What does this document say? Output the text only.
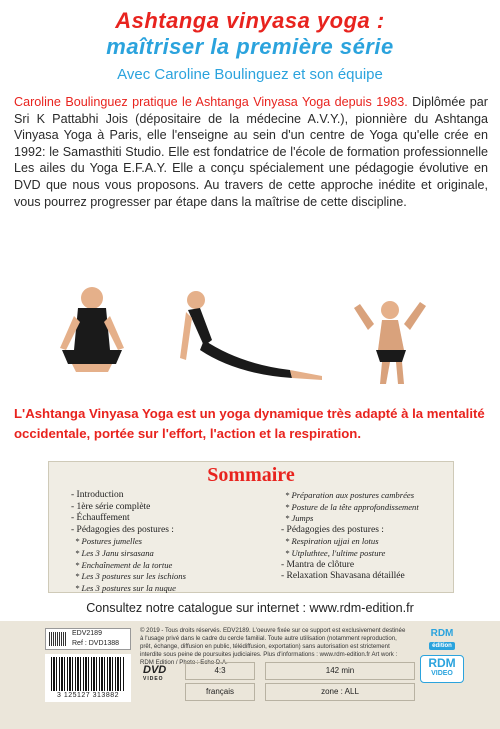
Ashtanga vinyasa yoga :
maîtriser la première série
Avec Caroline Boulinguez et son équipe
Caroline Boulinguez pratique le Ashtanga Vinyasa Yoga depuis 1983. Diplômée par Sri K Pattabhi Jois (dépositaire de la médecine A.V.Y.), pionnière du Ashtanga Vinyasa Yoga à Paris, elle l'enseigne au sein d'un centre de Yoga qu'elle crée en 1992: le Samasthiti Studio. Elle est fondatrice de l'école de formation professionnelle Les ailes du Yoga E.F.A.Y. Elle a conçu spécialement une pédagogie évolutive en DVD que nous vous proposons. Au travers de cette approche inédite et originale, vous pourrez progresser par étape dans la maîtrise de cette discipline.
L'Ashtanga Vinyasa Yoga est un yoga dynamique très adapté à la mentalité occidentale, portée sur l'effort, l'action et la respiration.
Sommaire
- Introduction
- 1ère série complète
- Échauffement
- Pédagogies des postures :
* Postures jumelles
* Les 3 Janu sirsasana
* Enchaînement de la tortue
* Les 3 postures sur les ischions
* Les 3 postures sur la nuque
* Préparation aux postures cambrées
* Posture de la tête approfondissement
* Jumps
- Pédagogies des postures :
* Respiration ujjai en lotus
* Utpluthtee, l'ultime posture
- Mantra de clôture
- Relaxation Shavasana détaillée
Consultez notre catalogue sur internet : www.rdm-edition.fr
EDV2189
Ref : DVD1388
© 2019 - Tous droits réservés. EDV2189. L'oeuvre fixée sur ce support est exclusivement destinée à l'usage privé dans le cadre du cercle familial. Toute autre utilisation (notamment reproduction, prêt, échange, diffusion en public, télédiffusion, exportation) sans autorisation est strictement interdite sous peine de poursuites judiciaires. Plus d'informations : www.rdm-edition.fr Art work : RDM Edition / Photo : Echo D.A.
RDM
édition
RDM
VIDEO
3 125127 313882
DVD
VIDEO
4:3	142 min
français	zone : ALL
